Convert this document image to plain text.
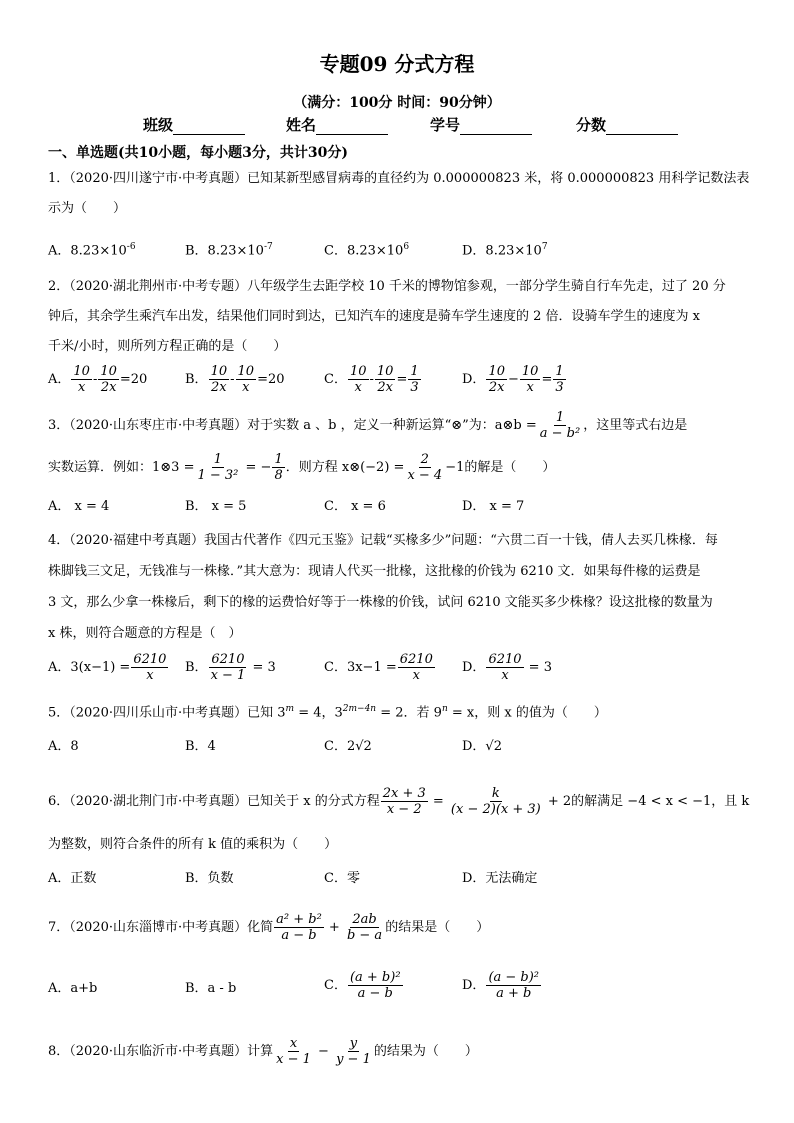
专题09 分式方程
（满分：100分 时间：90分钟）
班级	姓名	学号	分数
一、单选题(共10小题，每小题3分，共计30分)
1．（2020·四川遂宁市·中考真题）已知某新型感冒病毒的直径约为 0.000000823 米，将 0.000000823 用科学记数法表
示为（　　）
A．$8.23\times 10^{-6}$	B．$8.23\times 10^{-7}$	C．$8.23\times 10^6$	D．$8.23\times 10^7$
2．（2020·湖北荆州市·中考专题）八年级学生去距学校 10 千米的博物馆参观，一部分学生骑自行车先走，过了 20 分
钟后，其余学生乘汽车出发，结果他们同时到达，已知汽车的速度是骑车学生速度的 2 倍．设骑车学生的速度为 x
千米/小时，则所列方程正确的是（　　）
A． $\frac{10}{x} - \frac{10}{2x} =20$	B． $\frac{10}{2x} - \frac{10}{x} =20$	C． $\frac{10}{x} - \frac{10}{2x} = \frac{1}{3}$	D． $\frac{10}{2x} - \frac{10}{x} = \frac{1}{3}$
3．（2020·山东枣庄市·中考真题）对于实数 a 、b ，定义一种新运算“⊗”为：a⊗b = $\frac{1}{\text{a − b²}}$ ，这里等式右边是
实数运算．例如：1⊗3 = $\frac{1}{\text{1 − 3²}}$ = − $\frac{1}{8}$ ．则方程 x⊗(−2) = $\frac{2}{x - 4} -1$的解是（　　）
A． x = 4	B． x = 5	C． x = 6	D． x = 7
4．（2020·福建中考真题）我国古代著作《四元玉鉴》记载“买椽多少”问题：“六贯二百一十钱，倩人去买几株椽．每
株脚钱三文足，无钱准与一株椽．”其大意为：现请人代买一批椽，这批椽的价钱为 6210 文．如果每件椽的运费是
3 文，那么少拿一株椽后，剩下的椽的运费恰好等于一株椽的价钱，试问 6210 文能买多少株椽？设这批椽的数量为
x 株，则符合题意的方程是（　）
A．$3(x-1) = \frac{6210}{x}$ B． $\frac{6210}{x - 1} = 3$	C．$3x-1 = \frac{6210}{x}$ D． $\frac{6210}{x} = 3$
5．（2020·四川乐山市·中考真题）已知 $3^m = 4$，$3^{2m-4n} = 2$．若 $9^n = x$，则 x 的值为（　　）
A．8	B．4	C．2√2	D．√2
6．（2020·湖北荆门市·中考真题）已知关于 x 的分式方程 $\frac{2x + 3}{x - 2} = \frac{k}{(x - 2)(x + 3)} + 2$的解满足 −4 < x < −1，且 k
为整数，则符合条件的所有 k 值的乘积为（　　）
A．正数	B．负数	C．零	D．无法确定
7．（2020·山东淄博市·中考真题）化简 $\frac{\text{a² + b²}}{a - b} + \frac{2ab}{b - a}$ 的结果是（　　）
A．a+b	B．a - b	C． $\frac{\text{(a + b)²}}{a - b}$	D． $\frac{\text{(a − b)²}}{a + b}$
8．（2020·山东临沂市·中考真题）计算 $\frac{x}{x - 1} - \frac{y}{y - 1}$ 的结果为（　　）
